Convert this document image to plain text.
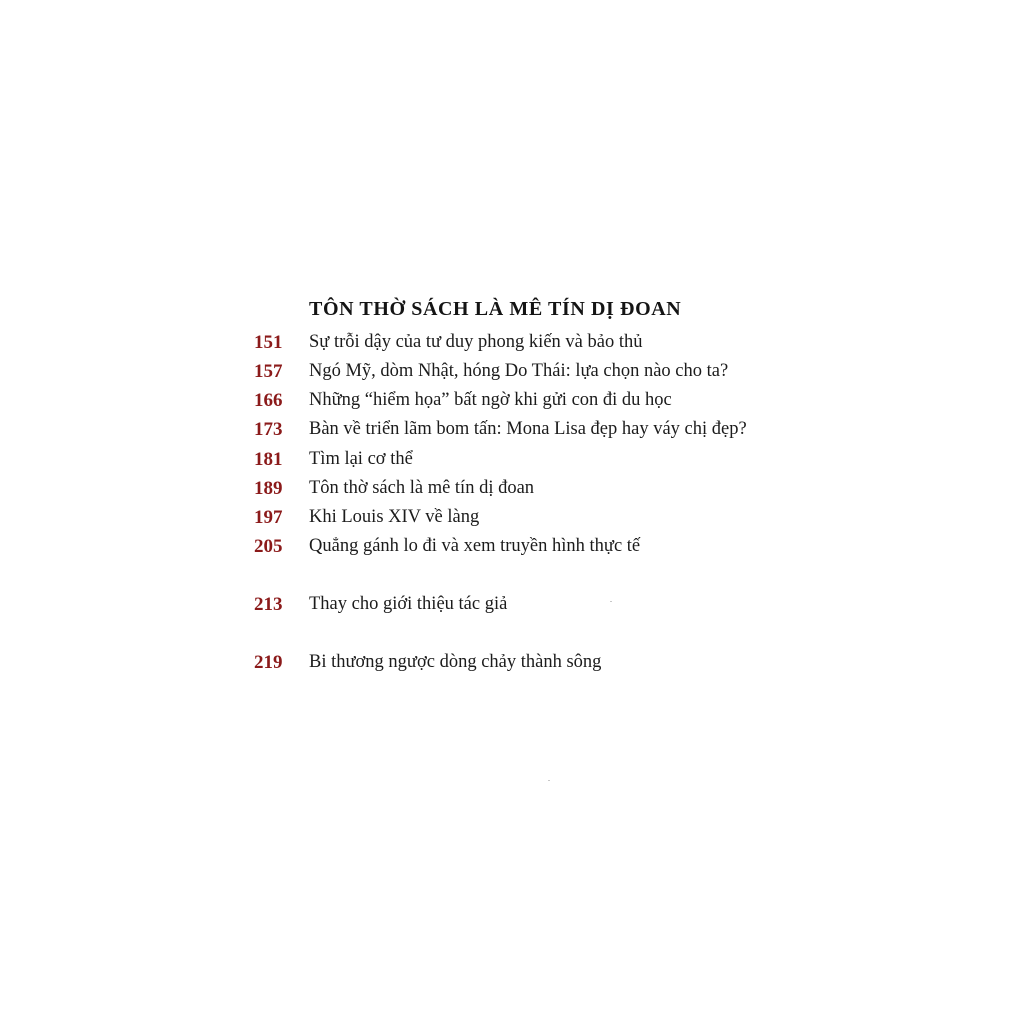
TÔN THỜ SÁCH LÀ MÊ TÍN DỊ ĐOAN
151 Sự trỗi dậy của tư duy phong kiến và bảo thủ
157 Ngó Mỹ, dòm Nhật, hóng Do Thái: lựa chọn nào cho ta?
166 Những “hiểm họa” bất ngờ khi gửi con đi du học
173 Bàn về triển lãm bom tấn: Mona Lisa đẹp hay váy chị đẹp?
181 Tìm lại cơ thể
189 Tôn thờ sách là mê tín dị đoan
197 Khi Louis XIV về làng
205 Quẳng gánh lo đi và xem truyền hình thực tế
213 Thay cho giới thiệu tác giả
219 Bi thương ngược dòng chảy thành sông
